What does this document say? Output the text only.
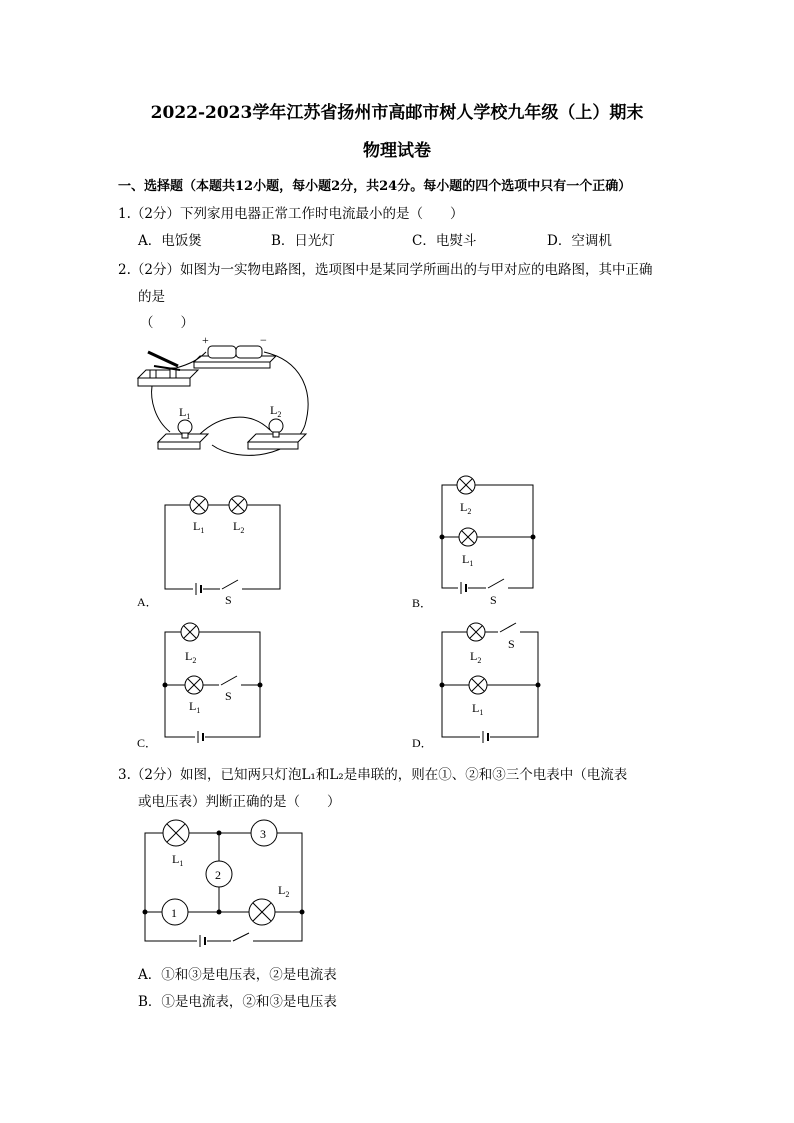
2022-2023学年江苏省扬州市高邮市树人学校九年级（上）期末
物理试卷
一、选择题（本题共12小题，每小题2分，共24分。每小题的四个选项中只有一个正确）
1.（2分）下列家用电器正常工作时电流最小的是（　　）
A．电饭煲	B．日光灯	C．电熨斗	D．空调机
2.（2分）如图为一实物电路图，选项图中是某同学所画出的与甲对应的电路图，其中正确
的是
（　　）
+	−
$L_1$	$L_2$
$L_1$ $L_2$
S
A．
$L_2$
$L_1$
S
B．
$L_2$
S
$L_1$
C．
S
$L_2$
$L_1$
D．
3.（2分）如图，已知两只灯泡L₁和L₂是串联的，则在①、②和③三个电表中（电流表
或电压表）判断正确的是（　　）
$L_1$
3
2
1
$L_2$
A．①和③是电压表，②是电流表
B．①是电流表，②和③是电压表
